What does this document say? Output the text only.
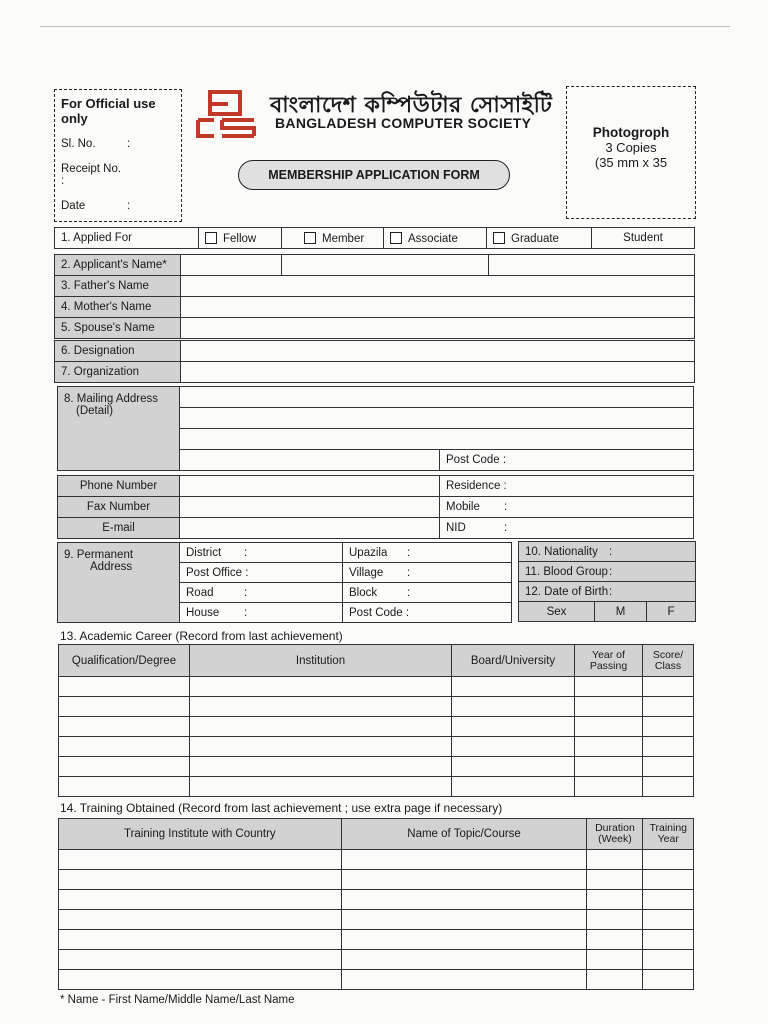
For Official use only
Sl. No.	:
Receipt No. :
Date	:
বাংলাদেশ কম্পিউটার সোসাইটি
BANGLADESH COMPUTER SOCIETY
MEMBERSHIP APPLICATION FORM
Photogroph
3 Copies
(35 mm x 35
1. Applied For	Fellow	Member	Associate	Graduate	Student
2. Applicant's Name*			
3. Father's Name			
4. Mother's Name			
5. Spouse's Name			
6. Designation	
7. Organization	
8. Mailing Address
(Detail)		

		Post Code :
Phone Number		Residence :
Fax Number		Mobile :
E-mail		NID :
9. Permanent
Address	District :	Upazila :
	Post Office :	Village :
	Road :	Block :
	House :	Post Code :
10. Nationality :
11. Blood Group:
12. Date of Birth:
Sex	M	F
13. Academic Career (Record from last achievement)
Qualification/Degree	Institution	Board/University	Year of Passing	Score/ Class

14. Training Obtained (Record from last achievement ; use extra page if necessary)
Training Institute with Country	Name of Topic/Course	Duration (Week)	Training Year

* Name - First Name/Middle Name/Last Name
